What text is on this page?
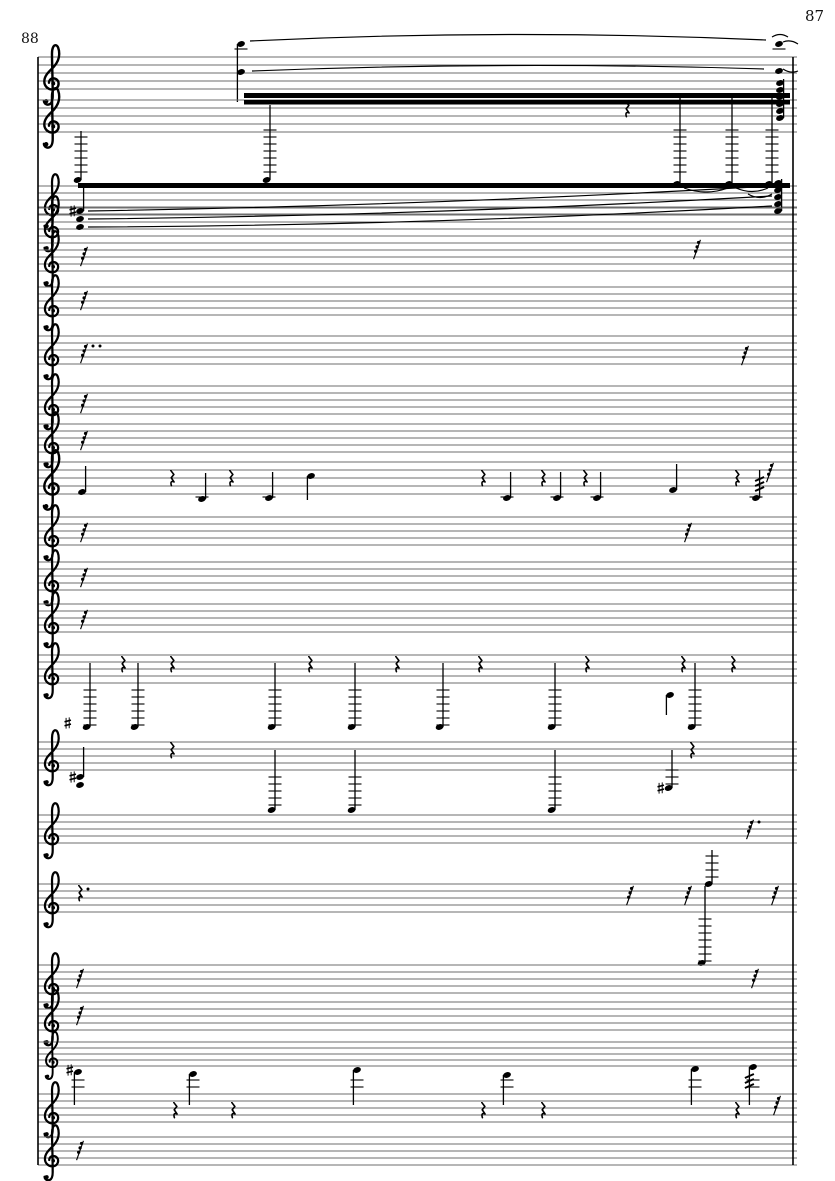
88
87
